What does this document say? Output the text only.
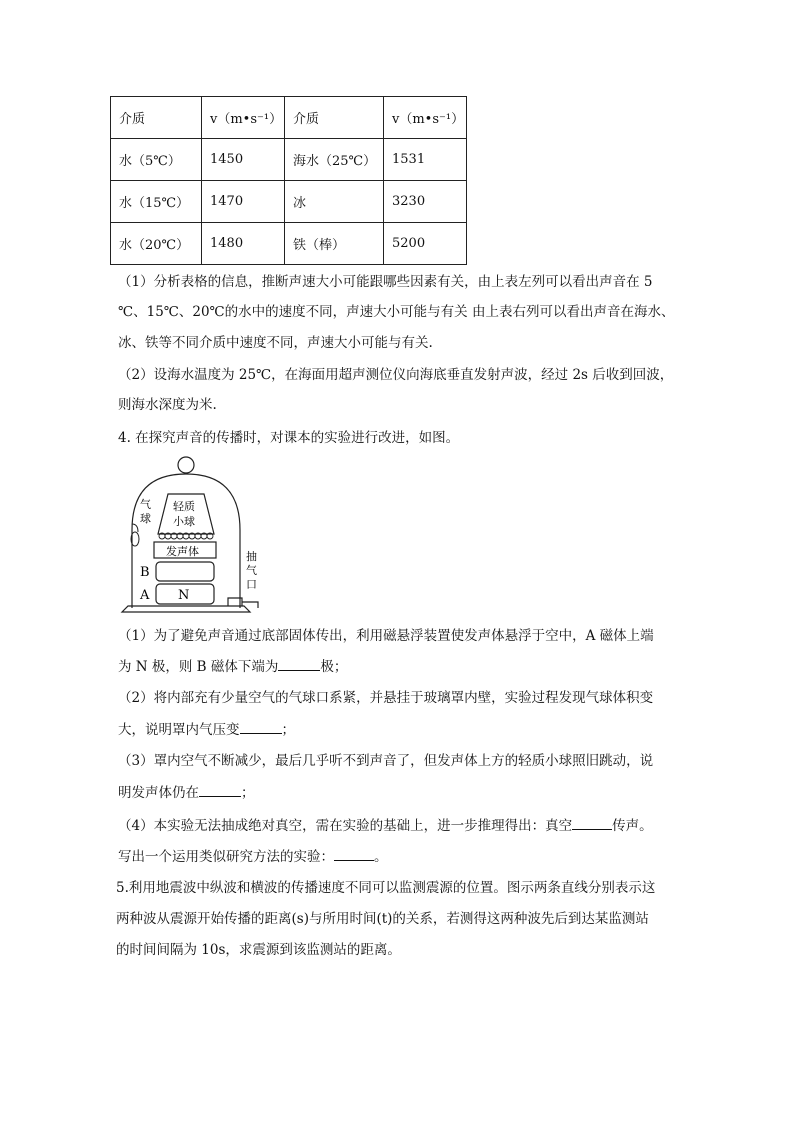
介质	v（m•s⁻¹）	介质	v（m•s⁻¹）
水（5℃）	1450	海水（25℃）	1531
水（15℃）	1470	冰	3230
水（20℃）	1480	铁（棒）	5200
（1）分析表格的信息，推断声速大小可能跟哪些因素有关，由上表左列可以看出声音在 5
℃、15℃、20℃的水中的速度不同，声速大小可能与有关 由上表右列可以看出声音在海水、
冰、铁等不同介质中速度不同，声速大小可能与有关.
（2）设海水温度为 25℃，在海面用超声测位仪向海底垂直发射声波，经过 2s 后收到回波，
则海水深度为米.
4. 在探究声音的传播时，对课本的实验进行改进，如图。
气
球
轻质
小球
发声体
B
A N
抽
气
口
（1）为了避免声音通过底部固体传出，利用磁悬浮装置使发声体悬浮于空中，A 磁体上端
为 N 极，则 B 磁体下端为	极；
（2）将内部充有少量空气的气球口系紧，并悬挂于玻璃罩内壁，实验过程发现气球体积变
大，说明罩内气压变	；
（3）罩内空气不断减少，最后几乎听不到声音了，但发声体上方的轻质小球照旧跳动，说
明发声体仍在	；
（4）本实验无法抽成绝对真空，需在实验的基础上，进一步推理得出：真空	传声。
写出一个运用类似研究方法的实验：	。
5.利用地震波中纵波和横波的传播速度不同可以监测震源的位置。图示两条直线分别表示这
两种波从震源开始传播的距离(s)与所用时间(t)的关系，若测得这两种波先后到达某监测站
的时间间隔为 10s，求震源到该监测站的距离。
